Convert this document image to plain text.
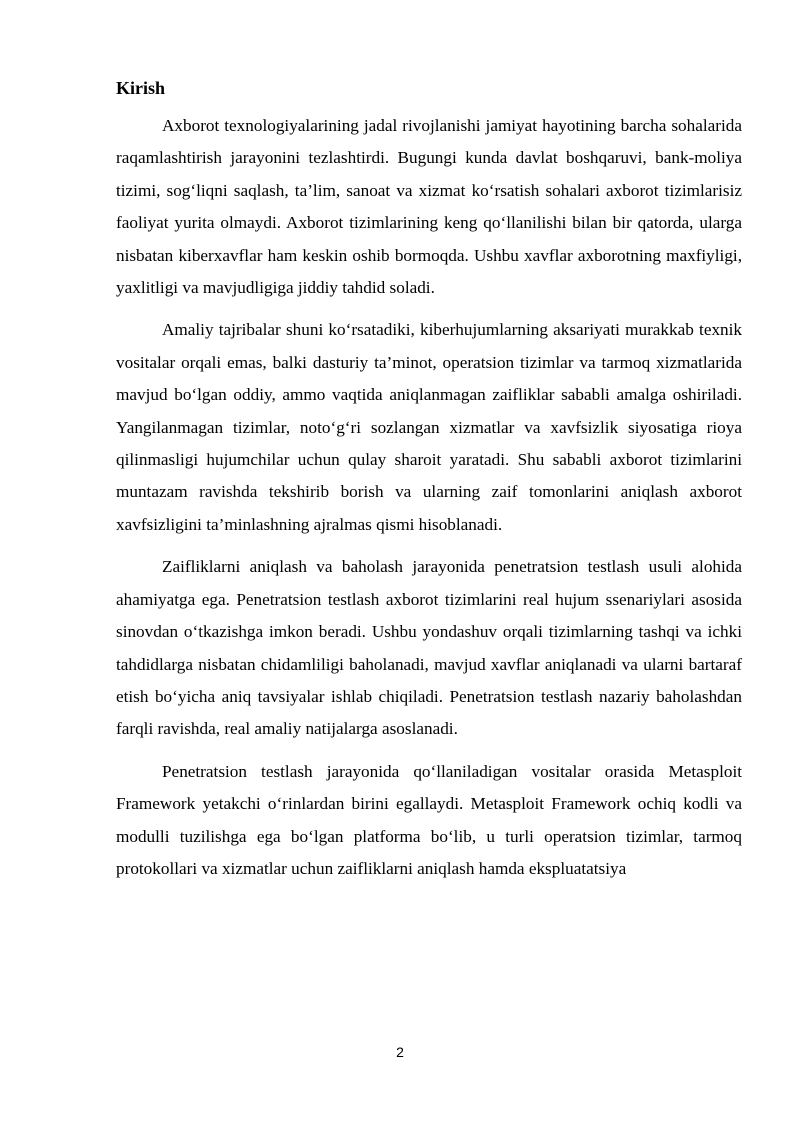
Kirish

Axborot texnologiyalarining jadal rivojlanishi jamiyat hayotining barcha sohalarida raqamlashtirish jarayonini tezlashtirdi. Bugungi kunda davlat boshqaruvi, bank-moliya tizimi, sog‘liqni saqlash, ta’lim, sanoat va xizmat ko‘rsatish sohalari axborot tizimlarisiz faoliyat yurita olmaydi. Axborot tizimlarining keng qo‘llanilishi bilan bir qatorda, ularga nisbatan kiberxavflar ham keskin oshib bormoqda. Ushbu xavflar axborotning maxfiyligi, yaxlitligi va mavjudligiga jiddiy tahdid soladi.

Amaliy tajribalar shuni ko‘rsatadiki, kiberhujumlarning aksariyati murakkab texnik vositalar orqali emas, balki dasturiy ta’minot, operatsion tizimlar va tarmoq xizmatlarida mavjud bo‘lgan oddiy, ammo vaqtida aniqlanmagan zaifliklar sababli amalga oshiriladi. Yangilanmagan tizimlar, noto‘g‘ri sozlangan xizmatlar va xavfsizlik siyosatiga rioya qilinmasligi hujumchilar uchun qulay sharoit yaratadi. Shu sababli axborot tizimlarini muntazam ravishda tekshirib borish va ularning zaif tomonlarini aniqlash axborot xavfsizligini ta’minlashning ajralmas qismi hisoblanadi.

Zaifliklarni aniqlash va baholash jarayonida penetratsion testlash usuli alohida ahamiyatga ega. Penetratsion testlash axborot tizimlarini real hujum ssenariylari asosida sinovdan o‘tkazishga imkon beradi. Ushbu yondashuv orqali tizimlarning tashqi va ichki tahdidlarga nisbatan chidamliligi baholanadi, mavjud xavflar aniqlanadi va ularni bartaraf etish bo‘yicha aniq tavsiyalar ishlab chiqiladi. Penetratsion testlash nazariy baholashdan farqli ravishda, real amaliy natijalarga asoslanadi.

Penetratsion testlash jarayonida qo‘llaniladigan vositalar orasida Metasploit Framework yetakchi o‘rinlardan birini egallaydi. Metasploit Framework ochiq kodli va modulli tuzilishga ega bo‘lgan platforma bo‘lib, u turli operatsion tizimlar, tarmoq protokollari va xizmatlar uchun zaifliklarni aniqlash hamda ekspluatatsiya

2
